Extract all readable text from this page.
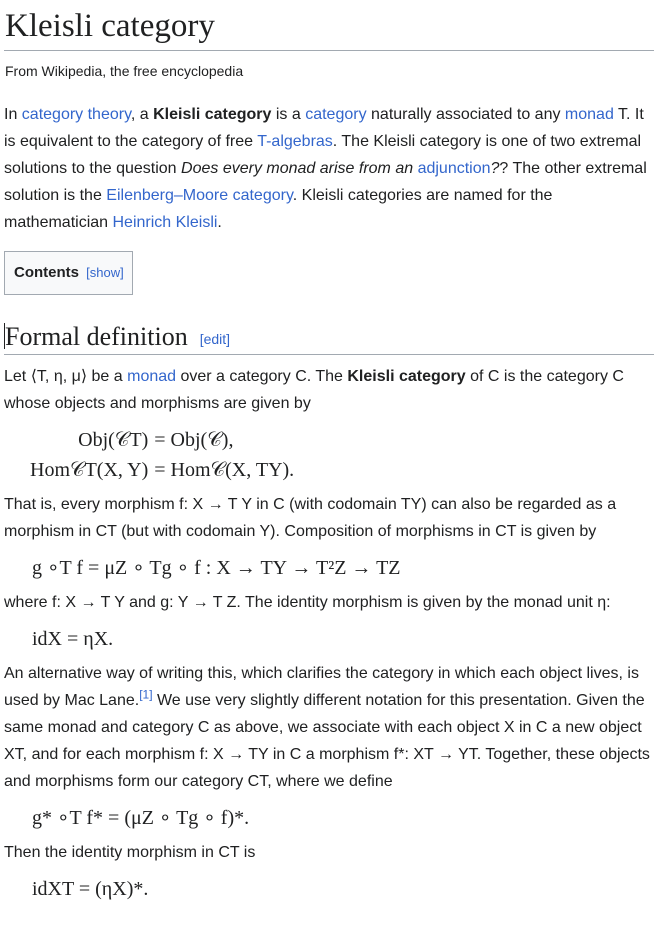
Kleisli category
From Wikipedia, the free encyclopedia

In category theory, a Kleisli category is a category naturally associated to any monad T. It is equivalent to the category of free T-algebras. The Kleisli category is one of two extremal solutions to the question Does every monad arise from an adjunction?? The other extremal solution is the Eilenberg–Moore category. Kleisli categories are named for the mathematician Heinrich Kleisli.

Contents [show]
Formal definition [edit]

Let ⟨T, η, μ⟩ be a monad over a category C. The Kleisli category of C is the category C whose objects and morphisms are given by

Obj(𝒞T)	= Obj(𝒞),
Hom𝒞T(X, Y)	= Hom𝒞(X, TY).

That is, every morphism f: X → T Y in C (with codomain TY) can also be regarded as a morphism in CT (but with codomain Y). Composition of morphisms in CT is given by

g ∘T f = μZ ∘ Tg ∘ f : X → TY → T²Z → TZ

where f: X → T Y and g: Y → T Z. The identity morphism is given by the monad unit η:

idX = ηX.

An alternative way of writing this, which clarifies the category in which each object lives, is used by Mac Lane.[1] We use very slightly different notation for this presentation. Given the same monad and category C as above, we associate with each object X in C a new object XT, and for each morphism f: X → TY in C a morphism f*: XT → YT. Together, these objects and morphisms form our category CT, where we define

g* ∘T f* = (μZ ∘ Tg ∘ f)*.

Then the identity morphism in CT is

idXT = (ηX)*.
